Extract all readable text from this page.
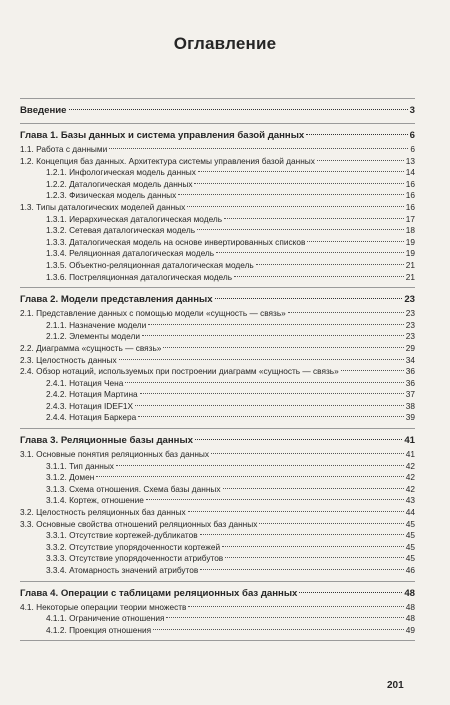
Оглавление
Введение	3
Глава 1. Базы данных и система управления базой данных	6
1.1. Работа с данными	6
1.2. Концепция баз данных. Архитектура системы управления базой данных	13
1.2.1. Инфологическая модель данных	14
1.2.2. Даталогическая модель данных	16
1.2.3. Физическая модель данных	16
1.3. Типы даталогических моделей данных	16
1.3.1. Иерархическая даталогическая модель	17
1.3.2. Сетевая даталогическая модель	18
1.3.3. Даталогическая модель на основе инвертированных списков	19
1.3.4. Реляционная даталогическая модель	19
1.3.5. Объектно-реляционная даталогическая модель	21
1.3.6. Постреляционная даталогическая модель	21
Глава 2. Модели представления данных	23
2.1. Представление данных с помощью модели «сущность — связь»	23
2.1.1. Назначение модели	23
2.1.2. Элементы модели	23
2.2. Диаграмма «сущность — связь»	29
2.3. Целостность данных	34
2.4. Обзор нотаций, используемых при построении диаграмм «сущность — связь»	36
2.4.1. Нотация Чена	36
2.4.2. Нотация Мартина	37
2.4.3. Нотация IDEF1X	38
2.4.4. Нотация Баркера	39
Глава 3. Реляционные базы данных	41
3.1. Основные понятия реляционных баз данных	41
3.1.1. Тип данных	42
3.1.2. Домен	42
3.1.3. Схема отношения. Схема базы данных	42
3.1.4. Кортеж, отношение	43
3.2. Целостность реляционных баз данных	44
3.3. Основные свойства отношений реляционных баз данных	45
3.3.1. Отсутствие кортежей-дубликатов	45
3.3.2. Отсутствие упорядоченности кортежей	45
3.3.3. Отсутствие упорядоченности атрибутов	45
3.3.4. Атомарность значений атрибутов	46
Глава 4. Операции с таблицами реляционных баз данных	48
4.1. Некоторые операции теории множеств	48
4.1.1. Ограничение отношения	48
4.1.2. Проекция отношения	49
201
